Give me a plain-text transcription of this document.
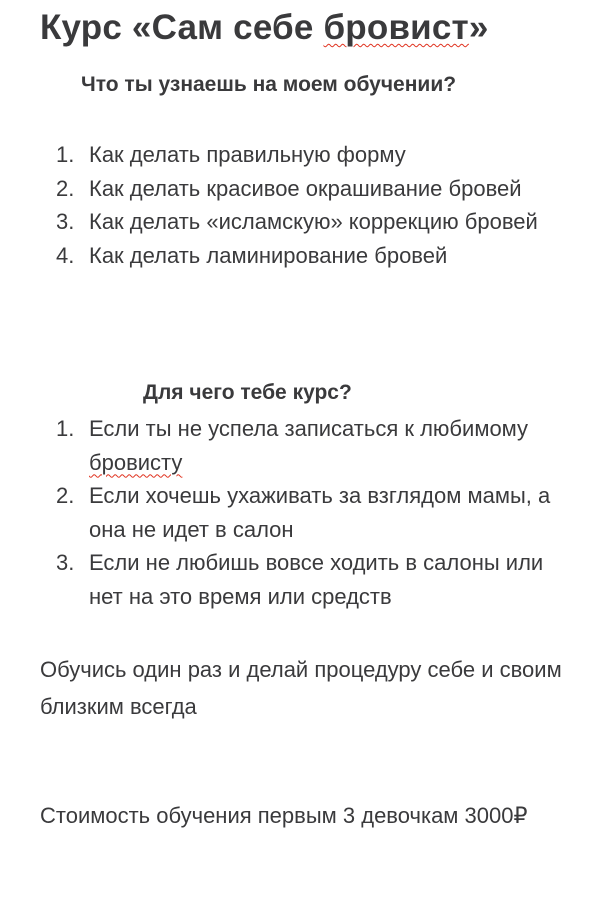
Курс «Сам себе бровист»
Что ты узнаешь на моем обучении?
1. Как делать правильную форму
2. Как делать красивое окрашивание бровей
3. Как делать «исламскую» коррекцию бровей
4. Как делать ламинирование бровей
Для чего тебе курс?
1. Если ты не успела записаться к любимому бровисту
2. Если хочешь ухаживать за взглядом мамы, а она не идет в салон
3. Если не любишь вовсе ходить в салоны или нет на это время или средств
Обучись один раз и делай процедуру себе и своим близким всегда
Стоимость обучения первым 3 девочкам 3000₽
